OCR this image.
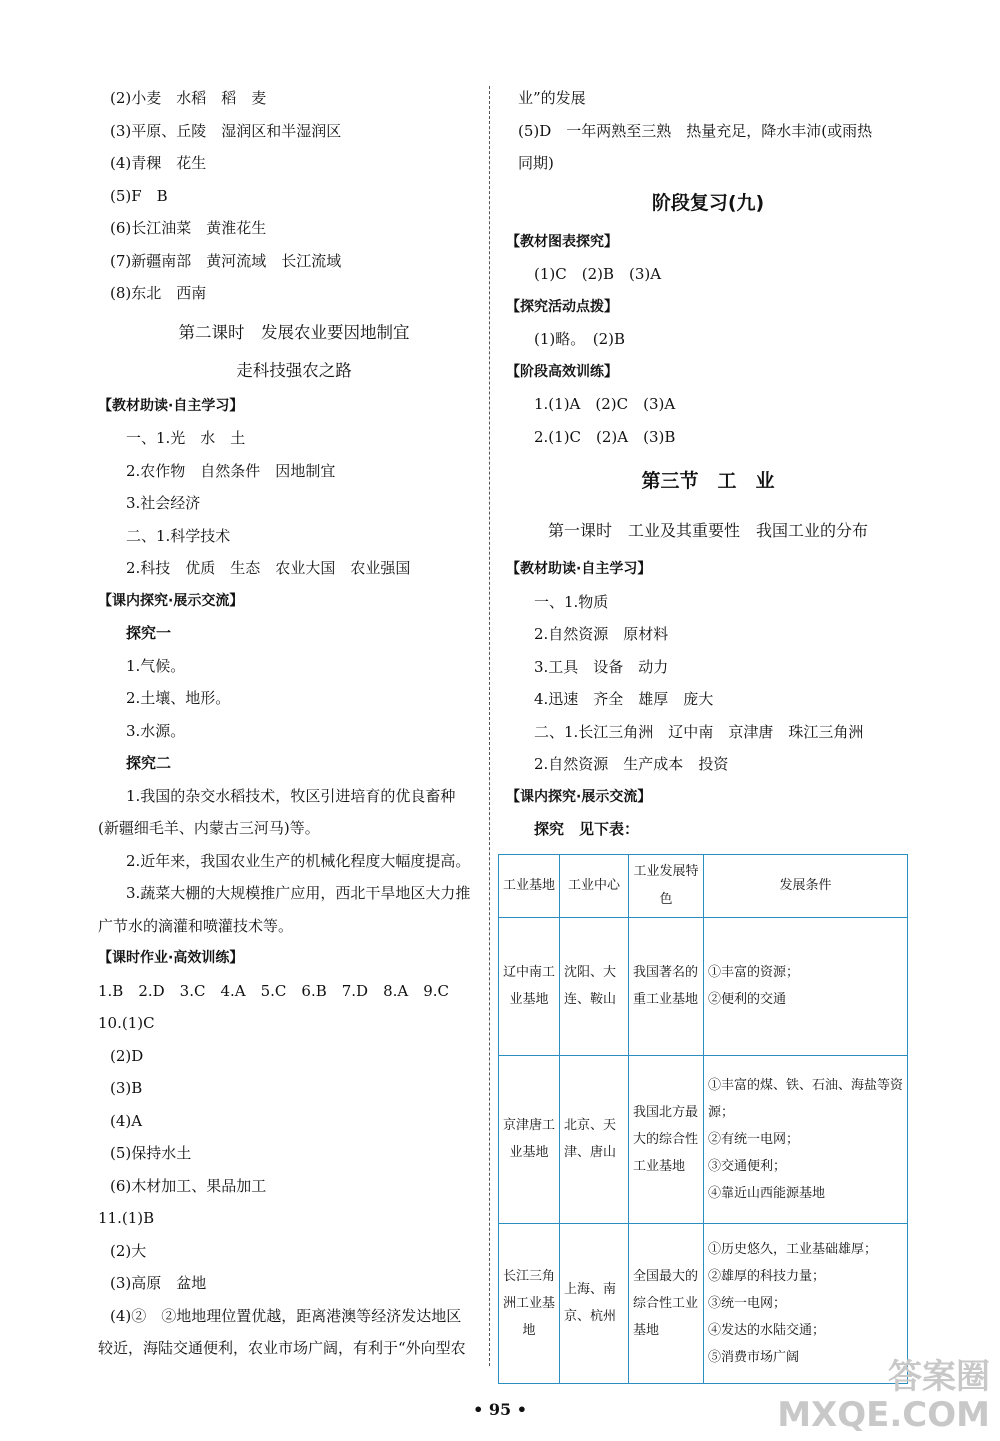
(2)小麦　水稻　稻　麦
(3)平原、丘陵　湿润区和半湿润区
(4)青稞　花生
(5)F　B
(6)长江油菜　黄淮花生
(7)新疆南部　黄河流域　长江流域
(8)东北　西南
第二课时　发展农业要因地制宜
走科技强农之路
【教材助读·自主学习】
一、1.光　水　土
2.农作物　自然条件　因地制宜
3.社会经济
二、1.科学技术
2.科技　优质　生态　农业大国　农业强国
【课内探究·展示交流】
探究一
1.气候。
2.土壤、地形。
3.水源。
探究二
1.我国的杂交水稻技术，牧区引进培育的优良畜种
(新疆细毛羊、内蒙古三河马)等。
2.近年来，我国农业生产的机械化程度大幅度提高。
3.蔬菜大棚的大规模推广应用，西北干旱地区大力推
广节水的滴灌和喷灌技术等。
【课时作业·高效训练】
1.B　2.D　3.C　4.A　5.C　6.B　7.D　8.A　9.C
10.(1)C
(2)D
(3)B
(4)A
(5)保持水土
(6)木材加工、果品加工
11.(1)B
(2)大
(3)高原　盆地
(4)②　②地地理位置优越，距离港澳等经济发达地区
较近，海陆交通便利，农业市场广阔，有利于“外向型农
业”的发展
(5)D　一年两熟至三熟　热量充足，降水丰沛(或雨热
同期)
阶段复习(九)
【教材图表探究】
(1)C　(2)B　(3)A
【探究活动点拨】
(1)略。　(2)B
【阶段高效训练】
1.(1)A　(2)C　(3)A
2.(1)C　(2)A　(3)B
第三节　工　业
第一课时　工业及其重要性　我国工业的分布
【教材助读·自主学习】
一、1.物质
2.自然资源　原材料
3.工具　设备　动力
4.迅速　齐全　雄厚　庞大
二、1.长江三角洲　辽中南　京津唐　珠江三角洲
2.自然资源　生产成本　投资
【课内探究·展示交流】
探究　见下表：
工业基地	工业中心	工业发展特色	发展条件
辽中南工业基地	沈阳、大连、鞍山	我国著名的重工业基地	①丰富的资源；
②便利的交通

京津唐工业基地	北京、天津、唐山	我国北方最大的综合性工业基地	①丰富的煤、铁、石油、海盐等资源；
②有统一电网；
③交通便利；
④靠近山西能源基地

长江三角洲工业基地	上海、南京、杭州	全国最大的综合性工业基地	①历史悠久，工业基础雄厚；
②雄厚的科技力量；
③统一电网；
④发达的水陆交通；
⑤消费市场广阔
• 95 •
答案圈
MXQE.COM
